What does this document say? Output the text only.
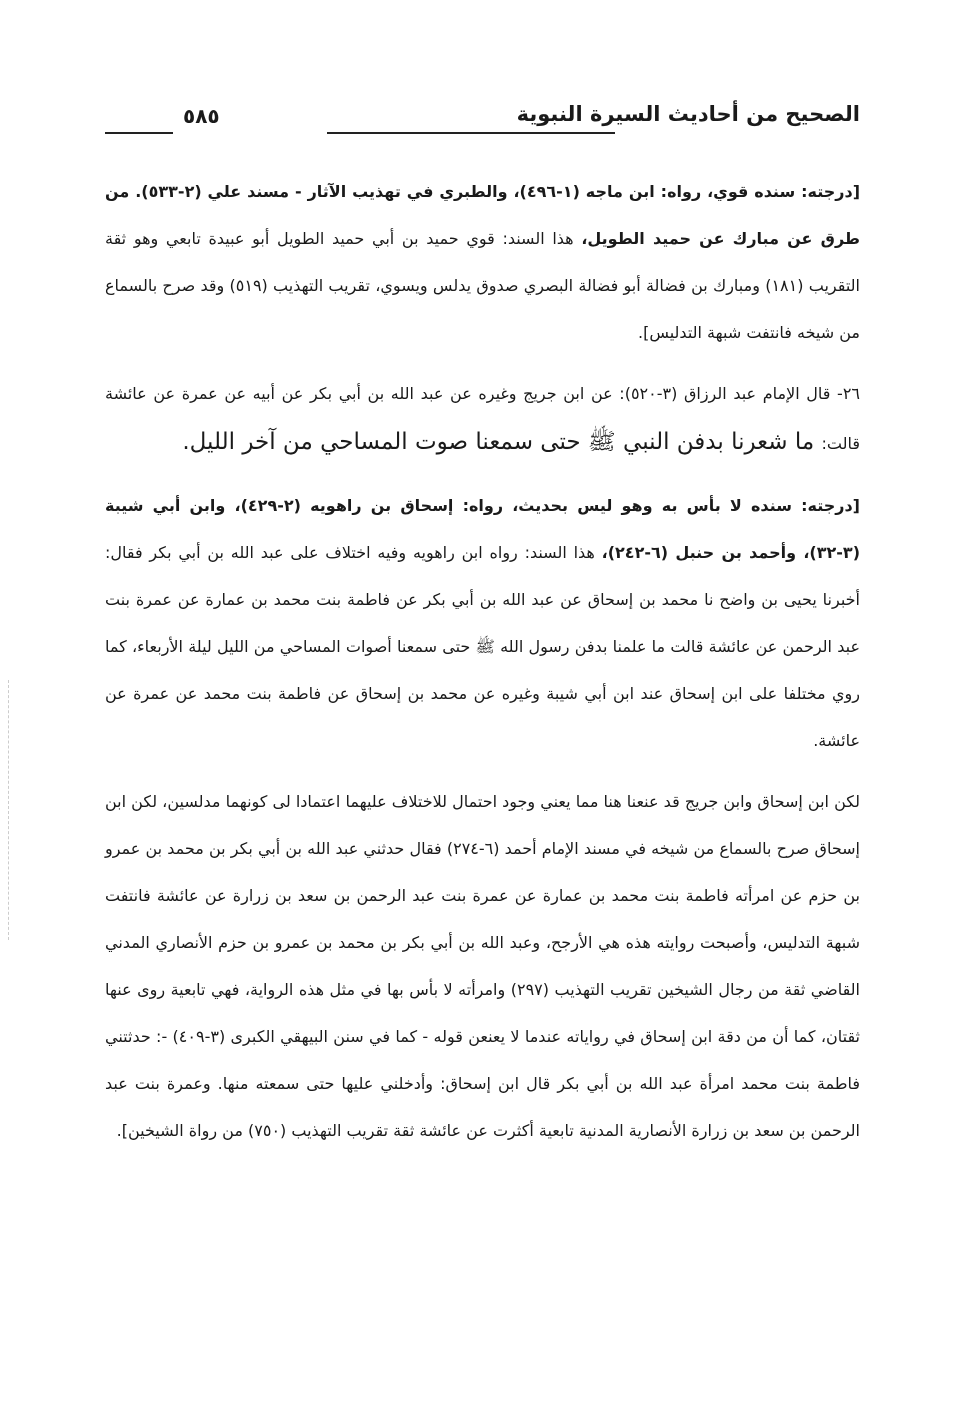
الصحيح من أحاديث السيرة النبوية
٥٨٥

[درجته: سنده قوي، رواه: ابن ماجه (١-٤٩٦)، والطبري في تهذيب الآثار - مسند علي (٢-٥٣٣). من طرق عن مبارك عن حميد الطويل، هذا السند: قوي حميد بن أبي حميد الطويل أبو عبيدة تابعي وهو ثقة التقريب (١٨١) ومبارك بن فضالة أبو فضالة البصري صدوق يدلس ويسوي، تقريب التهذيب (٥١٩) وقد صرح بالسماع من شيخه فانتفت شبهة التدليس].

٢٦- قال الإمام عبد الرزاق (٣-٥٢٠): عن ابن جريج وغيره عن عبد الله بن أبي بكر عن أبيه عن عمرة عن عائشة قالت: ما شعرنا بدفن النبي ﷺ حتى سمعنا صوت المساحي من آخر الليل.

[درجته: سنده لا بأس به وهو ليس بحديث، رواه: إسحاق بن راهويه (٢-٤٢٩)، وابن أبي شيبة (٣-٣٢)، وأحمد بن حنبل (٦-٢٤٢)، هذا السند: رواه ابن راهويه وفيه اختلاف على عبد الله بن أبي بكر فقال: أخبرنا يحيى بن واضح نا محمد بن إسحاق عن عبد الله بن أبي بكر عن فاطمة بنت محمد بن عمارة عن عمرة بنت عبد الرحمن عن عائشة قالت ما علمنا بدفن رسول الله ﷺ حتى سمعنا أصوات المساحي من الليل ليلة الأربعاء، كما روي مختلفا على ابن إسحاق عند ابن أبي شيبة وغيره عن محمد بن إسحاق عن فاطمة بنت محمد عن عمرة عن عائشة.

لكن ابن إسحاق وابن جريج قد عنعنا هنا مما يعني وجود احتمال للاختلاف عليهما اعتمادا لى كونهما مدلسين، لكن ابن إسحاق صرح بالسماع من شيخه في مسند الإمام أحمد (٦-٢٧٤) فقال حدثني عبد الله بن أبي بكر بن محمد بن عمرو بن حزم عن امرأته فاطمة بنت محمد بن عمارة عن عمرة بنت عبد الرحمن بن سعد بن زرارة عن عائشة فانتفت شبهة التدليس، وأصبحت روايته هذه هي الأرجح، وعبد الله بن أبي بكر بن محمد بن عمرو بن حزم الأنصاري المدني القاضي ثقة من رجال الشيخين تقريب التهذيب (٢٩٧) وامرأته لا بأس بها في مثل هذه الرواية، فهي تابعية روى عنها ثقتان، كما أن من دقة ابن إسحاق في رواياته عندما لا يعنعن قوله - كما في سنن البيهقي الكبرى (٣-٤٠٩) -: حدثتني فاطمة بنت محمد امرأة عبد الله بن أبي بكر قال ابن إسحاق: وأدخلني عليها حتى سمعته منها. وعمرة بنت عبد الرحمن بن سعد بن زرارة الأنصارية المدنية تابعية أكثرت عن عائشة ثقة تقريب التهذيب (٧٥٠) من رواة الشيخين].
